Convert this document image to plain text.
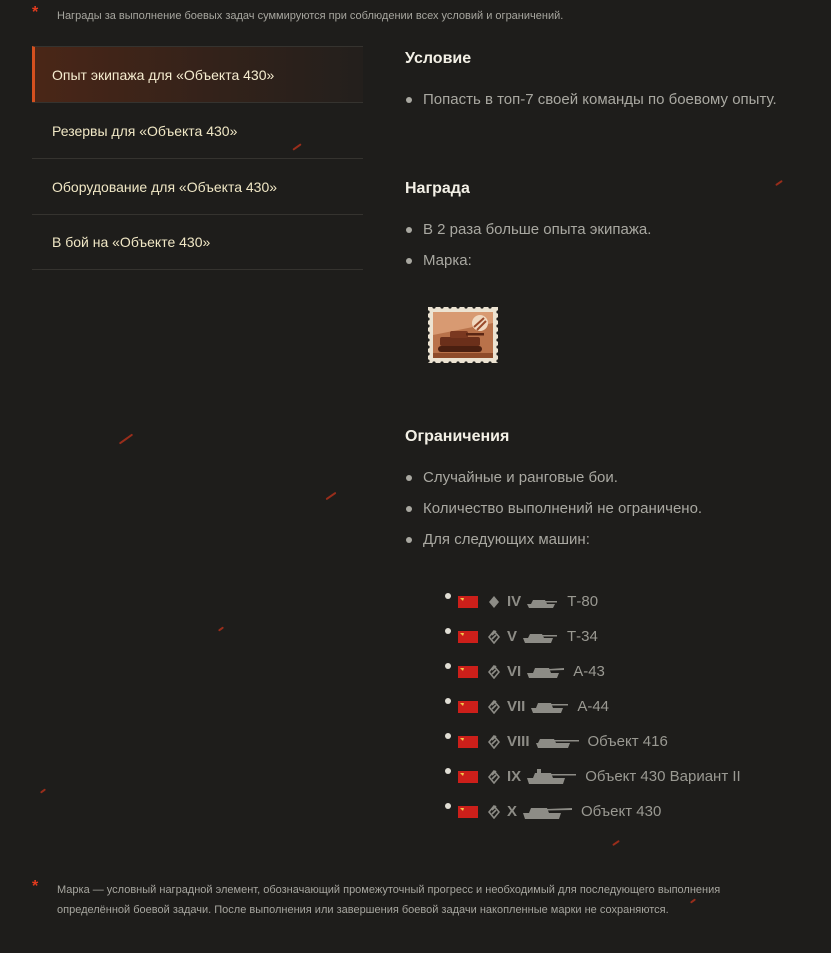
* Награды за выполнение боевых задач суммируются при соблюдении всех условий и ограничений.
Опыт экипажа для «Объекта 430»
Резервы для «Объекта 430»
Оборудование для «Объекта 430»
В бой на «Объекте 430»
Условие
Попасть в топ-7 своей команды по боевому опыту.
Награда
В 2 раза больше опыта экипажа.
Марка:
Ограничения
Случайные и ранговые бои.
Количество выполнений не ограничено.
Для следующих машин:
IV	Т-80
V	Т-34
VI	А-43
VII	А-44
VIII	Объект 416
IX	Объект 430 Вариант II
X	Объект 430
* Марка — условный наградной элемент, обозначающий промежуточный прогресс и необходимый для последующего выполнения определённой боевой задачи. После выполнения или завершения боевой задачи накопленные марки не сохраняются.
